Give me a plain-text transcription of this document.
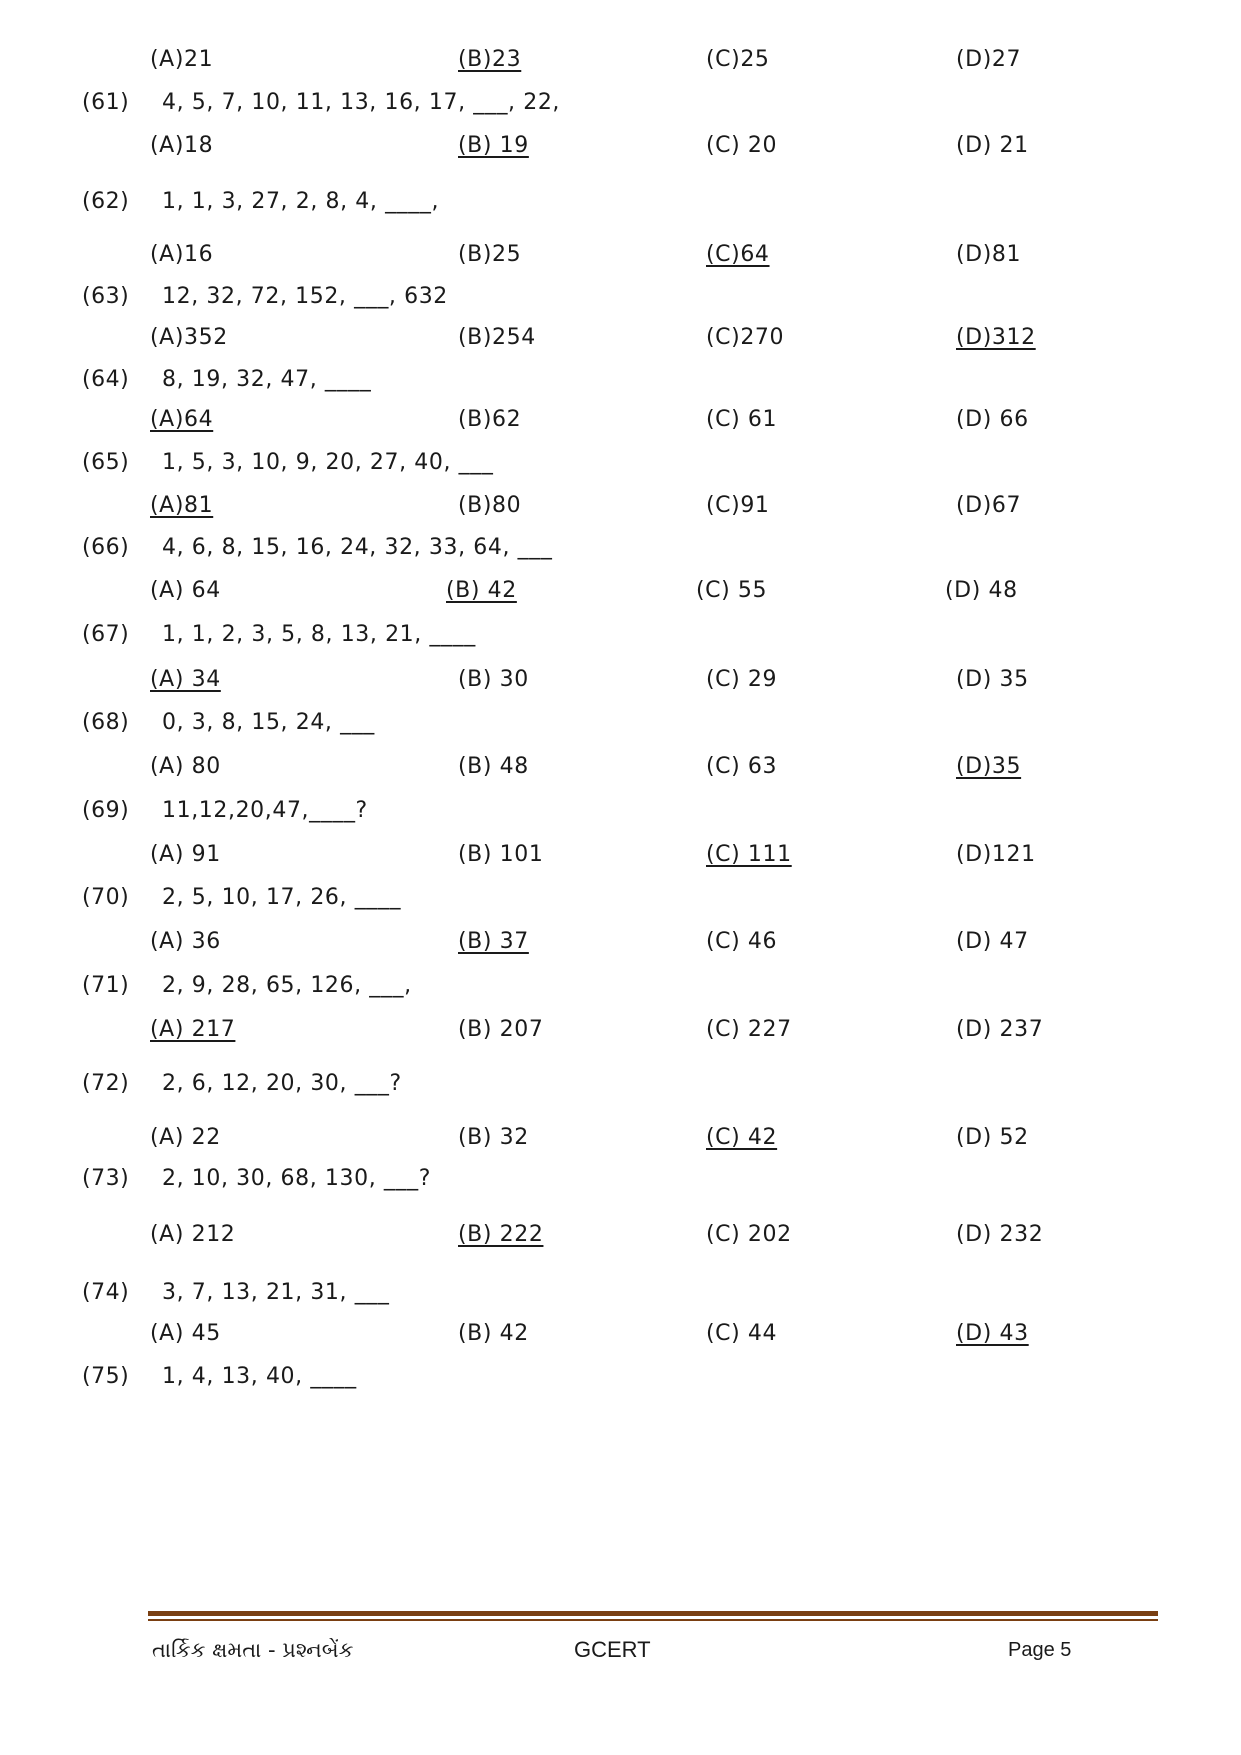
(A)21	(B)23	(C)25	(D)27
(61) 4, 5, 7, 10, 11, 13, 16, 17, ___, 22,
(A)18	(B) 19	(C) 20	(D) 21
(62) 1, 1, 3, 27, 2, 8, 4, ____,
(A)16	(B)25	(C)64	(D)81
(63) 12, 32, 72, 152, ___, 632
(A)352	(B)254	(C)270	(D)312
(64) 8, 19, 32, 47, ____
(A)64	(B)62	(C) 61	(D) 66
(65) 1, 5, 3, 10, 9, 20, 27, 40, ___
(A)81	(B)80	(C)91	(D)67
(66) 4, 6, 8, 15, 16, 24, 32, 33, 64, ___
(A) 64	(B) 42	(C) 55	(D) 48
(67) 1, 1, 2, 3, 5, 8, 13, 21, ____
(A) 34	(B) 30	(C) 29	(D) 35
(68) 0, 3, 8, 15, 24, ___
(A) 80	(B) 48	(C) 63	(D)35
(69) 11,12,20,47,____?
(A) 91	(B) 101	(C) 111	(D)121
(70) 2, 5, 10, 17, 26, ____
(A) 36	(B) 37	(C) 46	(D) 47
(71) 2, 9, 28, 65, 126, ___,
(A) 217	(B) 207	(C) 227	(D) 237
(72) 2, 6, 12, 20, 30, ___?
(A) 22	(B) 32	(C) 42	(D) 52
(73) 2, 10, 30, 68, 130, ___?
(A) 212	(B) 222	(C) 202	(D) 232
(74) 3, 7, 13, 21, 31, ___
(A) 45	(B) 42	(C) 44	(D) 43
(75) 1, 4, 13, 40, ____
તાર્કિક ક્ષમતા - પ્રશ્નબેંક	GCERT	Page 5
